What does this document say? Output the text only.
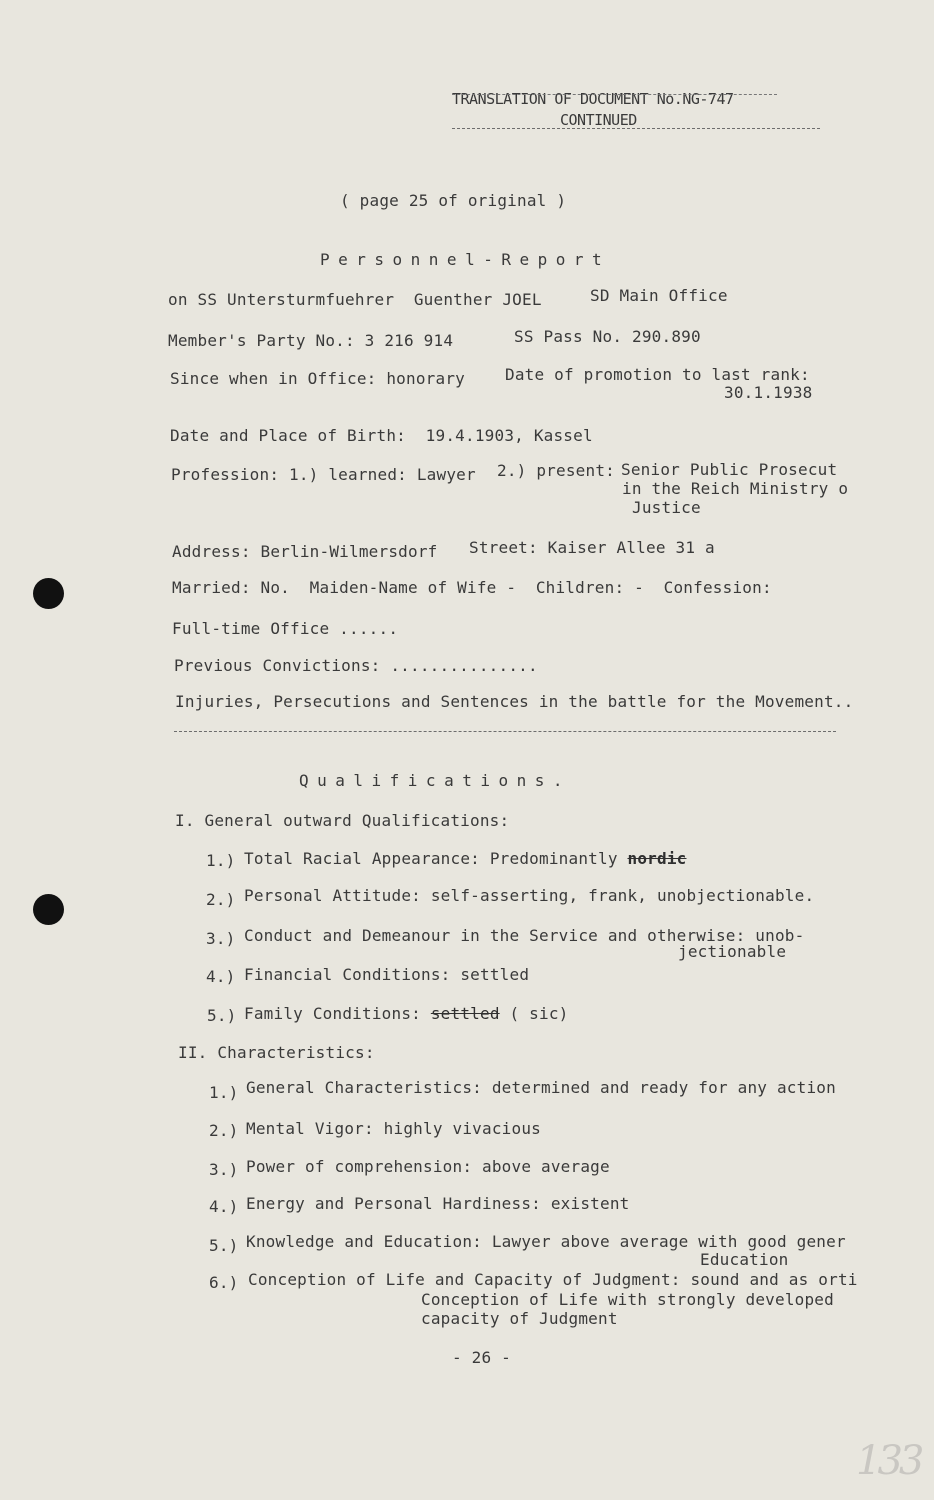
TRANSLATION OF DOCUMENT No.NG-747
CONTINUED
( page 25 of original )
Personnel-Report
on SS Untersturmfuehrer  Guenther JOEL	SD Main Office
Member's Party No.: 3 216 914	SS Pass No. 290.890
Since when in Office: honorary	Date of promotion to last rank:
30.1.1938
Date and Place of Birth:  19.4.1903, Kassel
Profession: 1.) learned: Lawyer 2.) present: Senior Public Prosecut
in the Reich Ministry o
Justice
Address: Berlin-Wilmersdorf Street: Kaiser Allee 31 a
Married: No.  Maiden-Name of Wife -  Children: -  Confession:
Full-time Office ......
Previous Convictions: ...............
Injuries, Persecutions and Sentences in the battle for the Movement..
Qualifications.
I. General outward Qualifications:
1.) Total Racial Appearance: Predominantly nordic
2.) Personal Attitude: self-asserting, frank, unobjectionable.
3.) Conduct and Demeanour in the Service and otherwise: unob-
jectionable
4.) Financial Conditions: settled
5.) Family Conditions: settled ( sic)
II. Characteristics:
1.) General Characteristics: determined and ready for any action
2.) Mental Vigor: highly vivacious
3.) Power of comprehension: above average
4.) Energy and Personal Hardiness: existent
5.) Knowledge and Education: Lawyer above average with good gener
Education
6.) Conception of Life and Capacity of Judgment: sound and as orti
Conception of Life with strongly developed
capacity of Judgment
- 26 -
133
